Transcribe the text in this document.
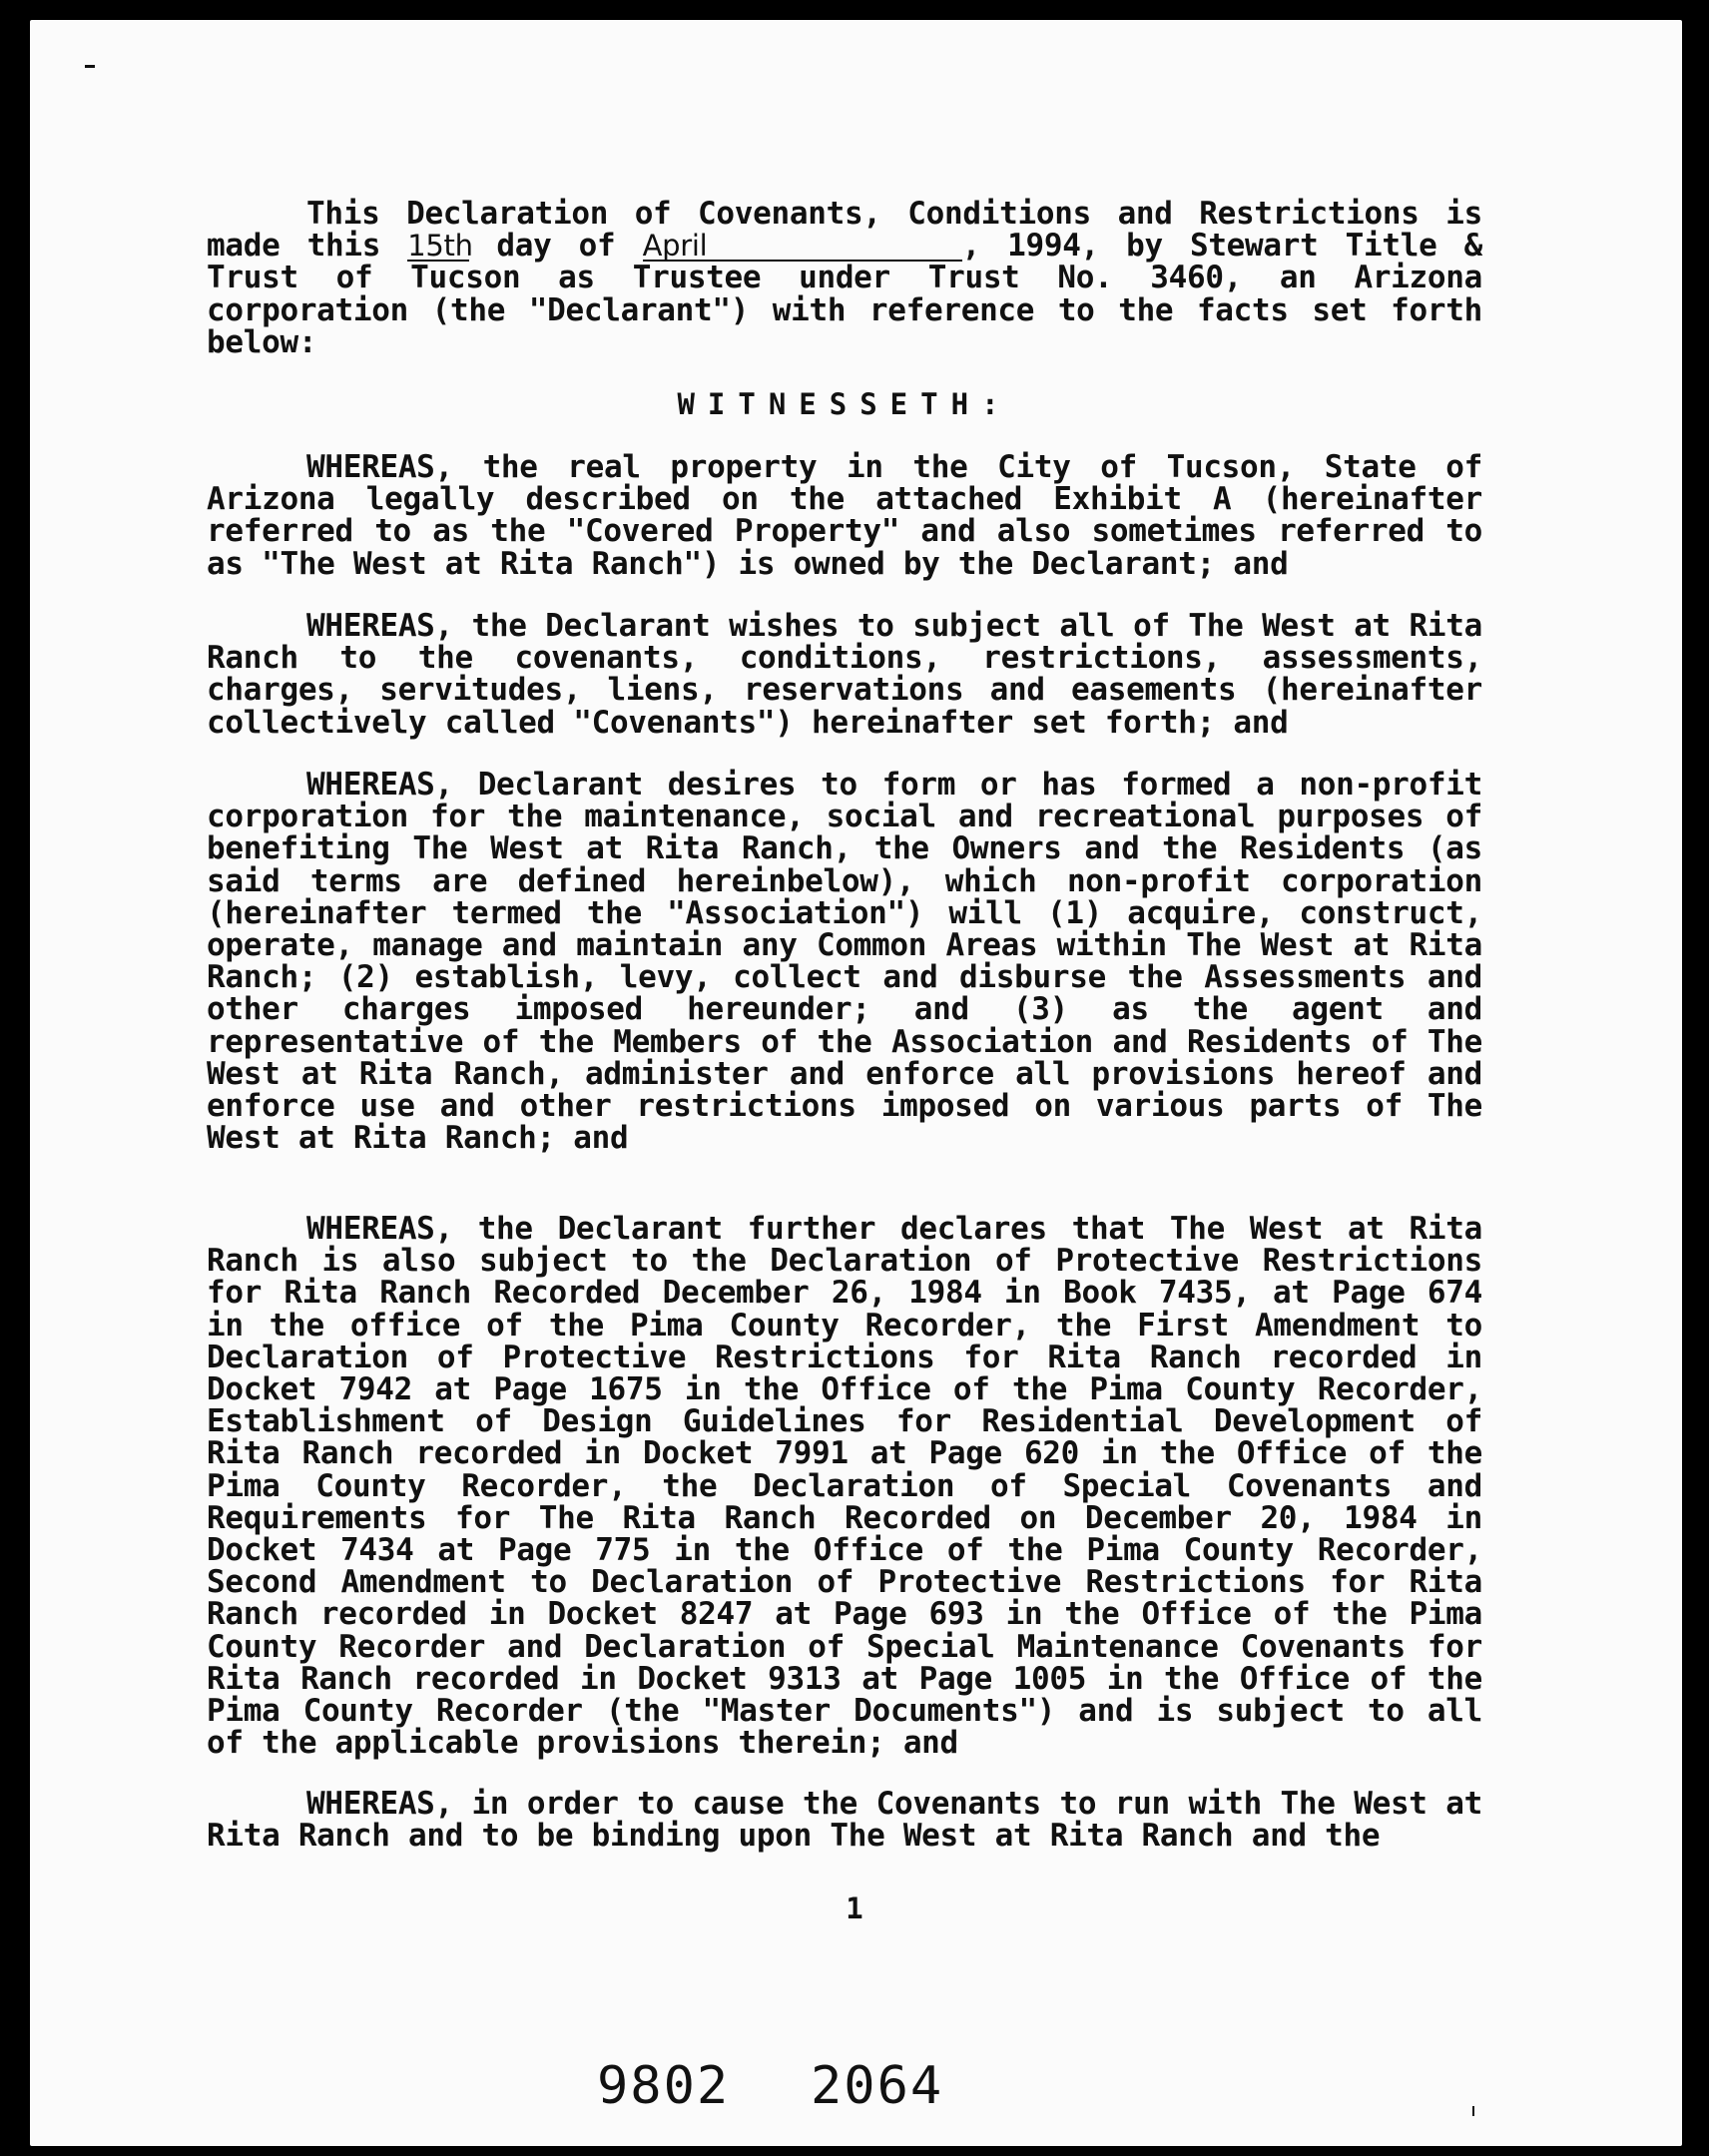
This Declaration of Covenants, Conditions and Restrictions is made this 15th day of April	, 1994, by Stewart Title & Trust of Tucson as Trustee under Trust No. 3460, an Arizona corporation (the "Declarant") with reference to the facts set forth below:

WITNESSETH:

WHEREAS, the real property in the City of Tucson, State of Arizona legally described on the attached Exhibit A (hereinafter referred to as the "Covered Property" and also sometimes referred to as "The West at Rita Ranch") is owned by the Declarant; and

WHEREAS, the Declarant wishes to subject all of The West at Rita Ranch to the covenants, conditions, restrictions, assessments, charges, servitudes, liens, reservations and easements (hereinafter collectively called "Covenants") hereinafter set forth; and

WHEREAS, Declarant desires to form or has formed a non-profit corporation for the maintenance, social and recreational purposes of benefiting The West at Rita Ranch, the Owners and the Residents (as said terms are defined hereinbelow), which non-profit corporation (hereinafter termed the "Association") will (1) acquire, construct, operate, manage and maintain any Common Areas within The West at Rita Ranch; (2) establish, levy, collect and disburse the Assessments and other charges imposed hereunder; and (3) as the agent and representative of the Members of the Association and Residents of The West at Rita Ranch, administer and enforce all provisions hereof and enforce use and other restrictions imposed on various parts of The West at Rita Ranch; and

WHEREAS, the Declarant further declares that The West at Rita Ranch is also subject to the Declaration of Protective Restrictions for Rita Ranch Recorded December 26, 1984 in Book 7435, at Page 674 in the office of the Pima County Recorder, the First Amendment to Declaration of Protective Restrictions for Rita Ranch recorded in Docket 7942 at Page 1675 in the Office of the Pima County Recorder, Establishment of Design Guidelines for Residential Development of Rita Ranch recorded in Docket 7991 at Page 620 in the Office of the Pima County Recorder, the Declaration of Special Covenants and Requirements for The Rita Ranch Recorded on December 20, 1984 in Docket 7434 at Page 775 in the Office of the Pima County Recorder, Second Amendment to Declaration of Protective Restrictions for Rita Ranch recorded in Docket 8247 at Page 693 in the Office of the Pima County Recorder and Declaration of Special Maintenance Covenants for Rita Ranch recorded in Docket 9313 at Page 1005 in the Office of the Pima County Recorder (the "Master Documents") and is subject to all of the applicable provisions therein; and

WHEREAS, in order to cause the Covenants to run with The West at Rita Ranch and to be binding upon The West at Rita Ranch and the

1
9802 2064
